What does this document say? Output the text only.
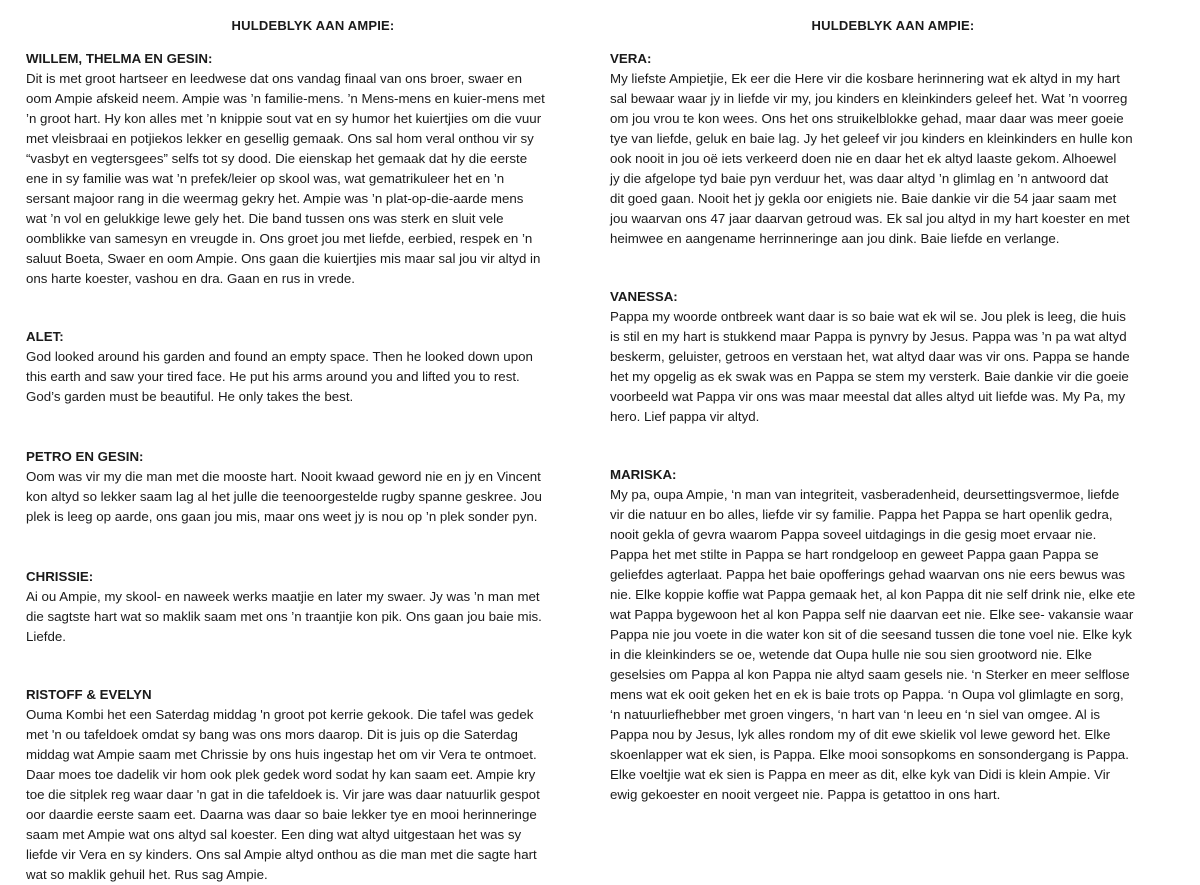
HULDEBLYK AAN AMPIE:

WILLEM, THELMA EN GESIN:

Dit is met groot hartseer en leedwese dat ons vandag finaal van ons broer, swaer en
oom Ampie afskeid neem. Ampie was ’n familie-mens. ’n Mens-mens en kuier-mens met
’n groot hart. Hy kon alles met ’n knippie sout vat en sy humor het kuiertjies om die vuur
met vleisbraai en potjiekos lekker en gesellig gemaak. Ons sal hom veral onthou vir sy
“vasbyt en vegtersgees” selfs tot sy dood. Die eienskap het gemaak dat hy die eerste
ene in sy familie was wat ’n prefek/leier op skool was, wat gematrikuleer het en ’n
sersant majoor rang in die weermag gekry het. Ampie was ’n plat-op-die-aarde mens
wat ’n vol en gelukkige lewe gely het. Die band tussen ons was sterk en sluit vele
oomblikke van samesyn en vreugde in. Ons groet jou met liefde, eerbied, respek en ’n
saluut Boeta, Swaer en oom Ampie. Ons gaan die kuiertjies mis maar sal jou vir altyd in
ons harte koester, vashou en dra. Gaan en rus in vrede.

ALET:

God looked around his garden and found an empty space. Then he looked down upon
this earth and saw your tired face. He put his arms around you and lifted you to rest.
God’s garden must be beautiful. He only takes the best.

PETRO EN GESIN:

Oom was vir my die man met die mooste hart. Nooit kwaad geword nie en jy en Vincent
kon altyd so lekker saam lag al het julle die teenoorgestelde rugby spanne geskree. Jou
plek is leeg op aarde, ons gaan jou mis, maar ons weet jy is nou op ’n plek sonder pyn.

CHRISSIE:

Ai ou Ampie, my skool- en naweek werks maatjie en later my swaer. Jy was ’n man met
die sagtste hart wat so maklik saam met ons ’n traantjie kon pik. Ons gaan jou baie mis.
Liefde.

RISTOFF & EVELYN

Ouma Kombi het een Saterdag middag 'n groot pot kerrie gekook. Die tafel was gedek
met 'n ou tafeldoek omdat sy bang was ons mors daarop. Dit is juis op die Saterdag
middag wat Ampie saam met Chrissie by ons huis ingestap het om vir Vera te ontmoet.
Daar moes toe dadelik vir hom ook plek gedek word sodat hy kan saam eet. Ampie kry
toe die sitplek reg waar daar 'n gat in die tafeldoek is. Vir jare was daar natuurlik gespot
oor daardie eerste saam eet. Daarna was daar so baie lekker tye en mooi herinneringe
saam met Ampie wat ons altyd sal koester. Een ding wat altyd uitgestaan het was sy
liefde vir Vera en sy kinders. Ons sal Ampie altyd onthou as die man met die sagte hart
wat so maklik gehuil het. Rus sag Ampie.

HULDEBLYK AAN AMPIE:

VERA:

My liefste Ampietjie, Ek eer die Here vir die kosbare herinnering wat ek altyd in my hart
sal bewaar waar jy in liefde vir my, jou kinders en kleinkinders geleef het. Wat ’n voorreg
om jou vrou te kon wees. Ons het ons struikelblokke gehad, maar daar was meer goeie
tye van liefde, geluk en baie lag. Jy het geleef vir jou kinders en kleinkinders en hulle kon
ook nooit in jou oë iets verkeerd doen nie en daar het ek altyd laaste gekom. Alhoewel
jy die afgelope tyd baie pyn verduur het, was daar altyd ’n glimlag en ’n antwoord dat
dit goed gaan. Nooit het jy gekla oor enigiets nie. Baie dankie vir die 54 jaar saam met
jou waarvan ons 47 jaar daarvan getroud was. Ek sal jou altyd in my hart koester en met
heimwee en aangename herrinneringe aan jou dink. Baie liefde en verlange.

VANESSA:

Pappa my woorde ontbreek want daar is so baie wat ek wil se. Jou plek is leeg, die huis
is stil en my hart is stukkend maar Pappa is pynvry by Jesus. Pappa was ’n pa wat altyd
beskerm, geluister, getroos en verstaan het, wat altyd daar was vir ons. Pappa se hande
het my opgelig as ek swak was en Pappa se stem my versterk. Baie dankie vir die goeie
voorbeeld wat Pappa vir ons was maar meestal dat alles altyd uit liefde was. My Pa, my
hero. Lief pappa vir altyd.

MARISKA:

My pa, oupa Ampie, ‘n man van integriteit, vasberadenheid, deursettingsvermoe, liefde
vir die natuur en bo alles, liefde vir sy familie. Pappa het Pappa se hart openlik gedra,
nooit gekla of gevra waarom Pappa soveel uitdagings in die gesig moet ervaar nie.
Pappa het met stilte in Pappa se hart rondgeloop en geweet Pappa gaan Pappa se
geliefdes agterlaat. Pappa het baie opofferings gehad waarvan ons nie eers bewus was
nie. Elke koppie koffie wat Pappa gemaak het, al kon Pappa dit nie self drink nie, elke ete
wat Pappa bygewoon het al kon Pappa self nie daarvan eet nie. Elke see- vakansie waar
Pappa nie jou voete in die water kon sit of die seesand tussen die tone voel nie. Elke kyk
in die kleinkinders se oe, wetende dat Oupa hulle nie sou sien grootword nie. Elke
geselsies om Pappa al kon Pappa nie altyd saam gesels nie. ‘n Sterker en meer selflose
mens wat ek ooit geken het en ek is baie trots op Pappa. ‘n Oupa vol glimlagte en sorg,
‘n natuurliefhebber met groen vingers, ‘n hart van ‘n leeu en ‘n siel van omgee. Al is
Pappa nou by Jesus, lyk alles rondom my of dit ewe skielik vol lewe geword het. Elke
skoenlapper wat ek sien, is Pappa. Elke mooi sonsopkoms en sonsondergang is Pappa.
Elke voeltjie wat ek sien is Pappa en meer as dit, elke kyk van Didi is klein Ampie. Vir
ewig gekoester en nooit vergeet nie. Pappa is getattoo in ons hart.
